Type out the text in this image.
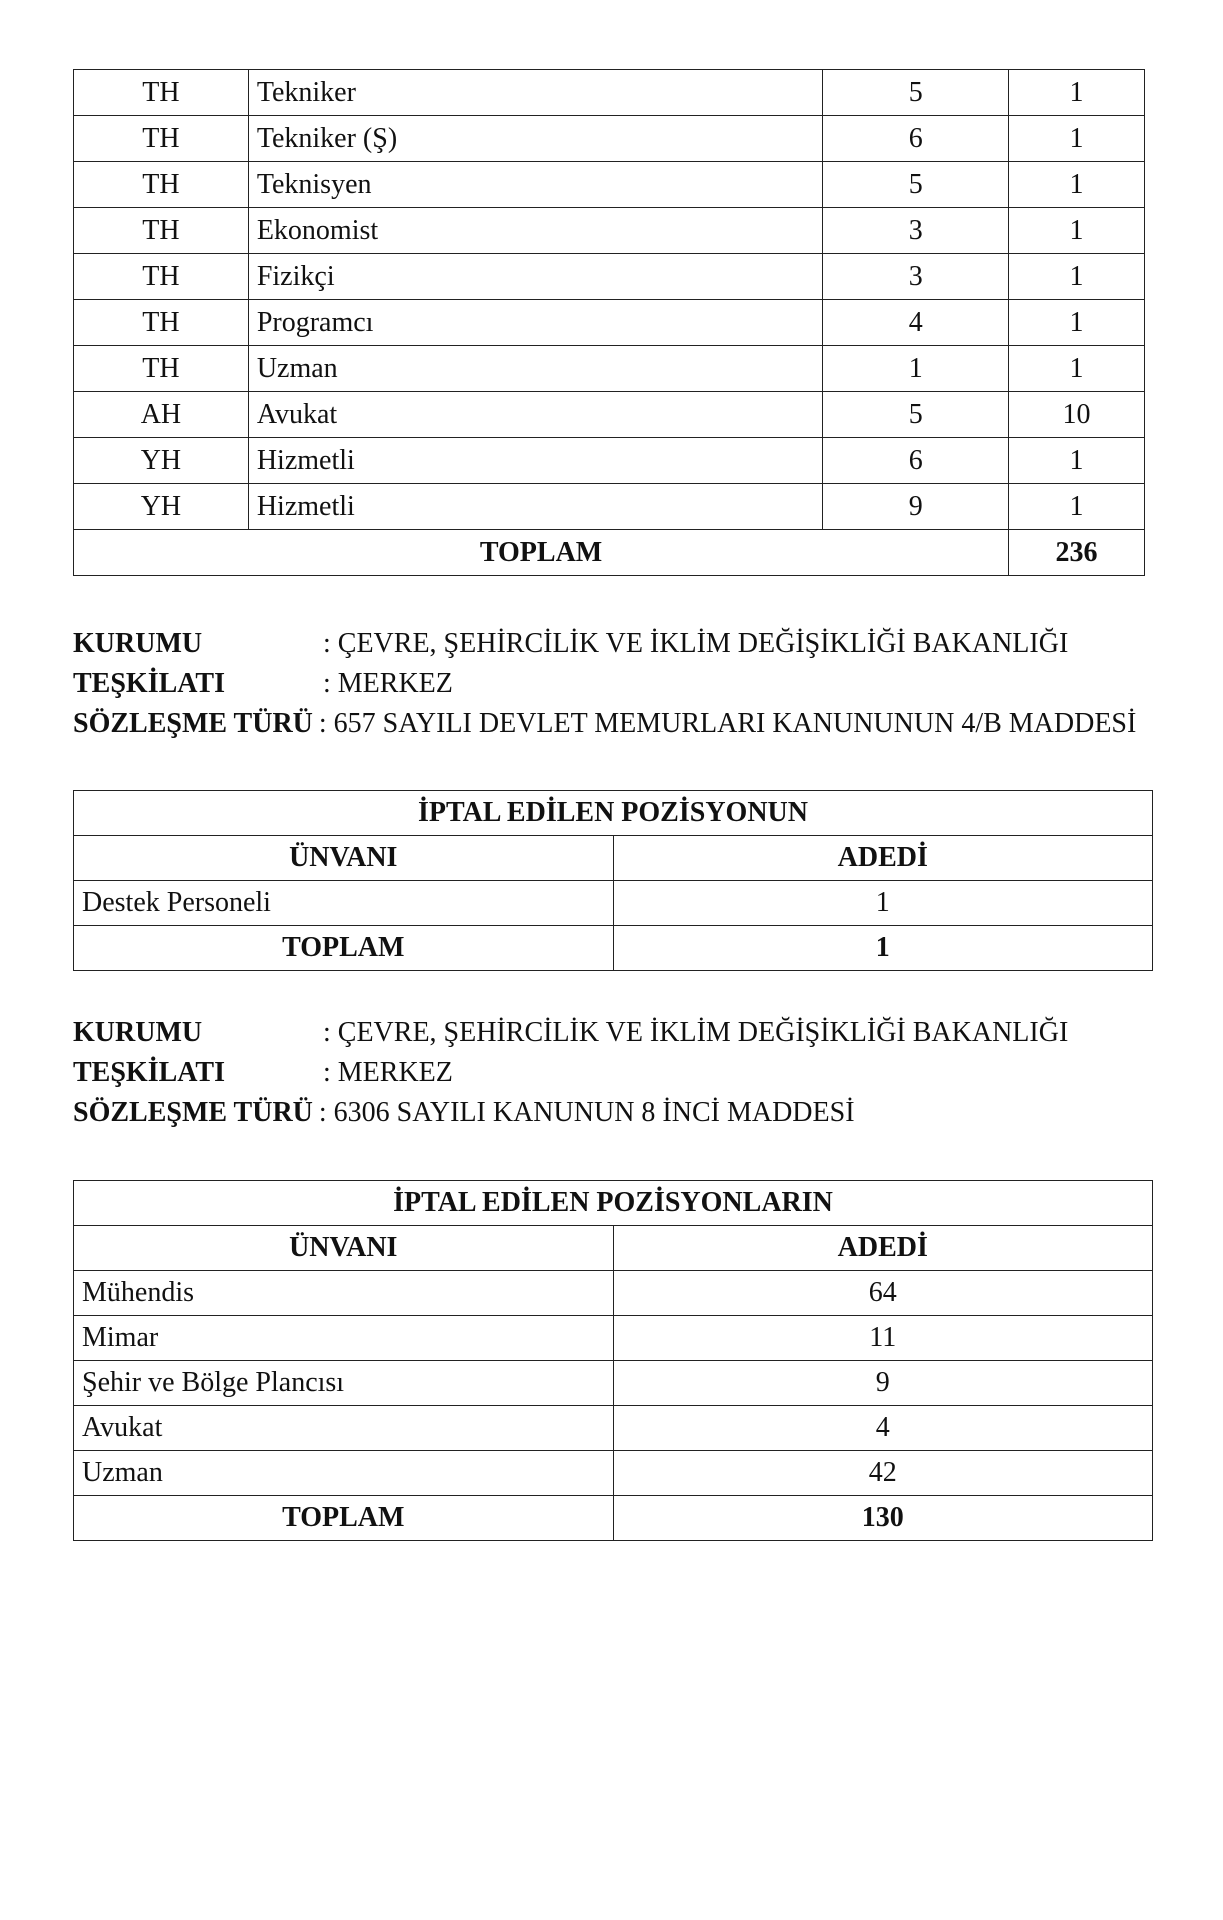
TH	Tekniker	5	1
TH	Tekniker (Ş)	6	1
TH	Teknisyen	5	1
TH	Ekonomist	3	1
TH	Fizikçi	3	1
TH	Programcı	4	1
TH	Uzman	1	1
AH	Avukat	5	10
YH	Hizmetli	6	1
YH	Hizmetli	9	1
TOPLAM			236
KURUMU	: ÇEVRE, ŞEHİRCİLİK VE İKLİM DEĞİŞİKLİĞİ BAKANLIĞI
TEŞKİLATI	: MERKEZ
SÖZLEŞME TÜRÜ : 657 SAYILI DEVLET MEMURLARI KANUNUNUN 4/B MADDESİ
İPTAL EDİLEN POZİSYONUN	
ÜNVANI	ADEDİ
Destek Personeli	1
TOPLAM	1
KURUMU	: ÇEVRE, ŞEHİRCİLİK VE İKLİM DEĞİŞİKLİĞİ BAKANLIĞI
TEŞKİLATI	: MERKEZ
SÖZLEŞME TÜRÜ : 6306 SAYILI KANUNUN 8 İNCİ MADDESİ
İPTAL EDİLEN POZİSYONLARIN	
ÜNVANI	ADEDİ
Mühendis	64
Mimar	11
Şehir ve Bölge Plancısı	9
Avukat	4
Uzman	42
TOPLAM	130
